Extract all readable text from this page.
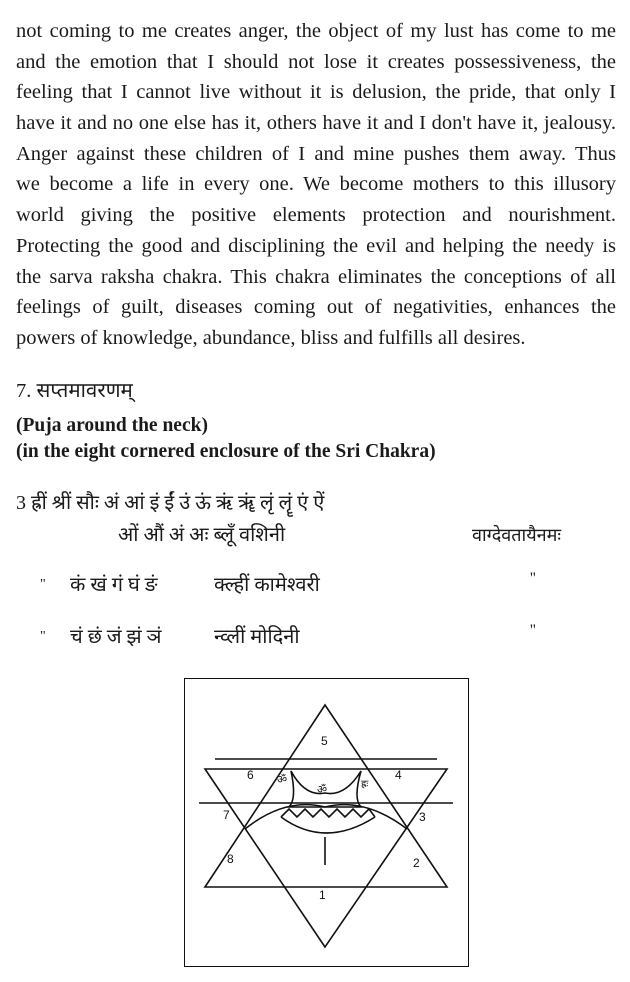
not coming to me creates anger, the object of my lust has come to me
and the emotion that I should not lose it creates possessiveness, the
feeling that I cannot live without it is delusion, the pride, that only I
have it and no one else has it, others have it and I don't have it, jealousy.
Anger against these children of I and mine pushes them away. Thus
we become a life in every one. We become mothers to this illusory
world giving the positive elements protection and nourishment.
Protecting the good and disciplining the evil and helping the needy is
the sarva raksha chakra. This chakra eliminates the conceptions of all
feelings of guilt, diseases coming out of negativities, enhances the
powers of knowledge, abundance, bliss and fulfills all desires.
7. सप्तमावरणम्
(Puja around the neck)
(in the eight cornered enclosure of the Sri Chakra)
3 ह्रीं श्रीं सौः अं आं इं ईं उं ऊं ऋं ॠं लृं लॄं एं ऐं
ओं औं अं अः ब्लूँ वशिनी	वाग्देवतायैनमः
" कं खं गं घं ङं	क्ल्हीं कामेश्वरी	''
" चं छं जं झं ञं	न्व्लीं मोदिनी	''
5
6	4
7	3
8	2
1
ॐ
ॐ	ह्रः
